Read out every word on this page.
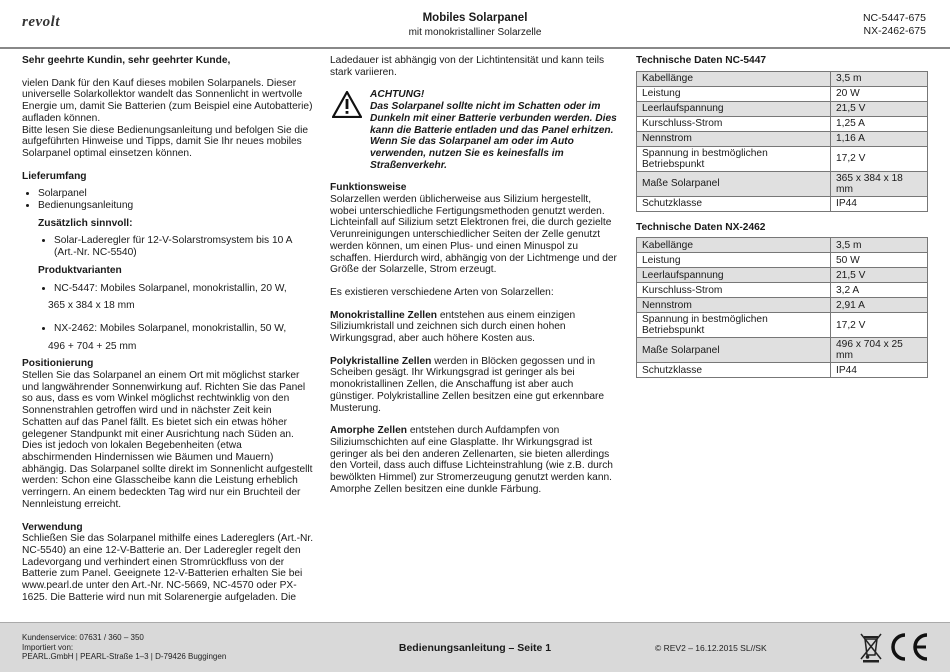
revolt	Mobiles Solarpanel
mit monokristalliner Solarzelle
NC-5447-675
NX-2462-675

Sehr geehrte Kundin, sehr geehrter Kunde,

vielen Dank für den Kauf dieses mobilen Solarpanels. Dieser universelle Solarkollektor wandelt das Sonnenlicht in wertvolle Energie um, damit Sie Batterien (zum Beispiel eine Autobatterie) aufladen können.

Bitte lesen Sie diese Bedienungsanleitung und befolgen Sie die aufgeführten Hinweise und Tipps, damit Sie Ihr neues mobiles Solarpanel optimal einsetzen können.

Lieferumfang

• Solarpanel
• Bedienungsanleitung

Zusätzlich sinnvoll:

• Solar-Laderegler für 12-V-Solarstromsystem bis 10 A (Art.-Nr. NC-5540)

Produktvarianten

• NC-5447: Mobiles Solarpanel, monokristallin, 20 W,

365 x 384 x 18 mm

• NX-2462: Mobiles Solarpanel, monokristallin, 50 W,

496 + 704 + 25 mm

Positionierung

Stellen Sie das Solarpanel an einem Ort mit möglichst starker und langwährender Sonnenwirkung auf. Richten Sie das Panel so aus, dass es vom Winkel möglichst rechtwinklig von den Sonnenstrahlen getroffen wird und in nächster Zeit kein Schatten auf das Panel fällt. Es bietet sich ein etwas höher gelegener Standpunkt mit einer Ausrichtung nach Süden an. Dies ist jedoch von lokalen Begebenheiten (etwa abschirmenden Hindernissen wie Bäumen und Mauern) abhängig. Das Solarpanel sollte direkt im Sonnenlicht aufgestellt werden: Schon eine Glasscheibe kann die Leistung erheblich verringern. An einem bedeckten Tag wird nur ein Bruchteil der Nennleistung erreicht.

Verwendung

Schließen Sie das Solarpanel mithilfe eines Ladereglers (Art.-Nr. NC-5540) an eine 12-V-Batterie an. Der Laderegler regelt den Ladevorgang und verhindert einen Stromrückfluss von der Batterie zum Panel. Geeignete 12-V-Batterien erhalten Sie bei www.pearl.de unter den Art.-Nr. NC-5669, NC-4570 oder PX-1625. Die Batterie wird nun mit Solarenergie aufgeladen. Die

Ladedauer ist abhängig von der Lichtintensität und kann teils stark variieren.

ACHTUNG!

Das Solarpanel sollte nicht im Schatten oder im Dunkeln mit einer Batterie verbunden werden. Dies kann die Batterie entladen und das Panel erhitzen. Wenn Sie das Solarpanel am oder im Auto verwenden, nutzen Sie es keinesfalls im Straßenverkehr.

Funktionsweise

Solarzellen werden üblicherweise aus Silizium hergestellt, wobei unterschiedliche Fertigungsmethoden genutzt werden. Lichteinfall auf Silizium setzt Elektronen frei, die durch gezielte Verunreinigungen unterschiedlicher Seiten der Zelle genutzt werden können, um einen Plus- und einen Minuspol zu schaffen. Hierdurch wird, abhängig von der Lichtmenge und der Größe der Solarzelle, Strom erzeugt.

Es existieren verschiedene Arten von Solarzellen:

Monokristalline Zellen entstehen aus einem einzigen Siliziumkristall und zeichnen sich durch einen hohen Wirkungsgrad, aber auch höhere Kosten aus.

Polykristalline Zellen werden in Blöcken gegossen und in Scheiben gesägt. Ihr Wirkungsgrad ist geringer als bei monokristallinen Zellen, die Anschaffung ist aber auch günstiger. Polykristalline Zellen besitzen eine gut erkennbare Musterung.

Amorphe Zellen entstehen durch Aufdampfen von Siliziumschichten auf eine Glasplatte. Ihr Wirkungsgrad ist geringer als bei den anderen Zellenarten, sie bieten allerdings den Vorteil, dass auch diffuse Lichteinstrahlung (wie z.B. durch bewölkten Himmel) zur Stromerzeugung genutzt werden kann. Amorphe Zellen besitzen eine dunkle Färbung.

Technische Daten NC-5447

Kabellänge	3,5 m
Leistung	20 W
Leerlaufspannung	21,5 V
Kurschluss-Strom	1,25 A
Nennstrom	1,16 A
Spannung in bestmöglichen Betriebspunkt	17,2 V
Maße Solarpanel	365 x 384 x 18 mm
Schutzklasse	IP44

Technische Daten NX-2462

Kabellänge	3,5 m
Leistung	50 W
Leerlaufspannung	21,5 V
Kurschluss-Strom	3,2 A
Nennstrom	2,91 A
Spannung in bestmöglichen Betriebspunkt	17,2 V
Maße Solarpanel	496 x 704 x 25 mm
Schutzklasse	IP44
Kundenservice: 07631 / 360 – 350
Importiert von:
PEARL.GmbH | PEARL-Straße 1–3 | D-79426 Buggingen
Bedienungsanleitung – Seite 1	© REV2 – 16.12.2015 SL//SK
